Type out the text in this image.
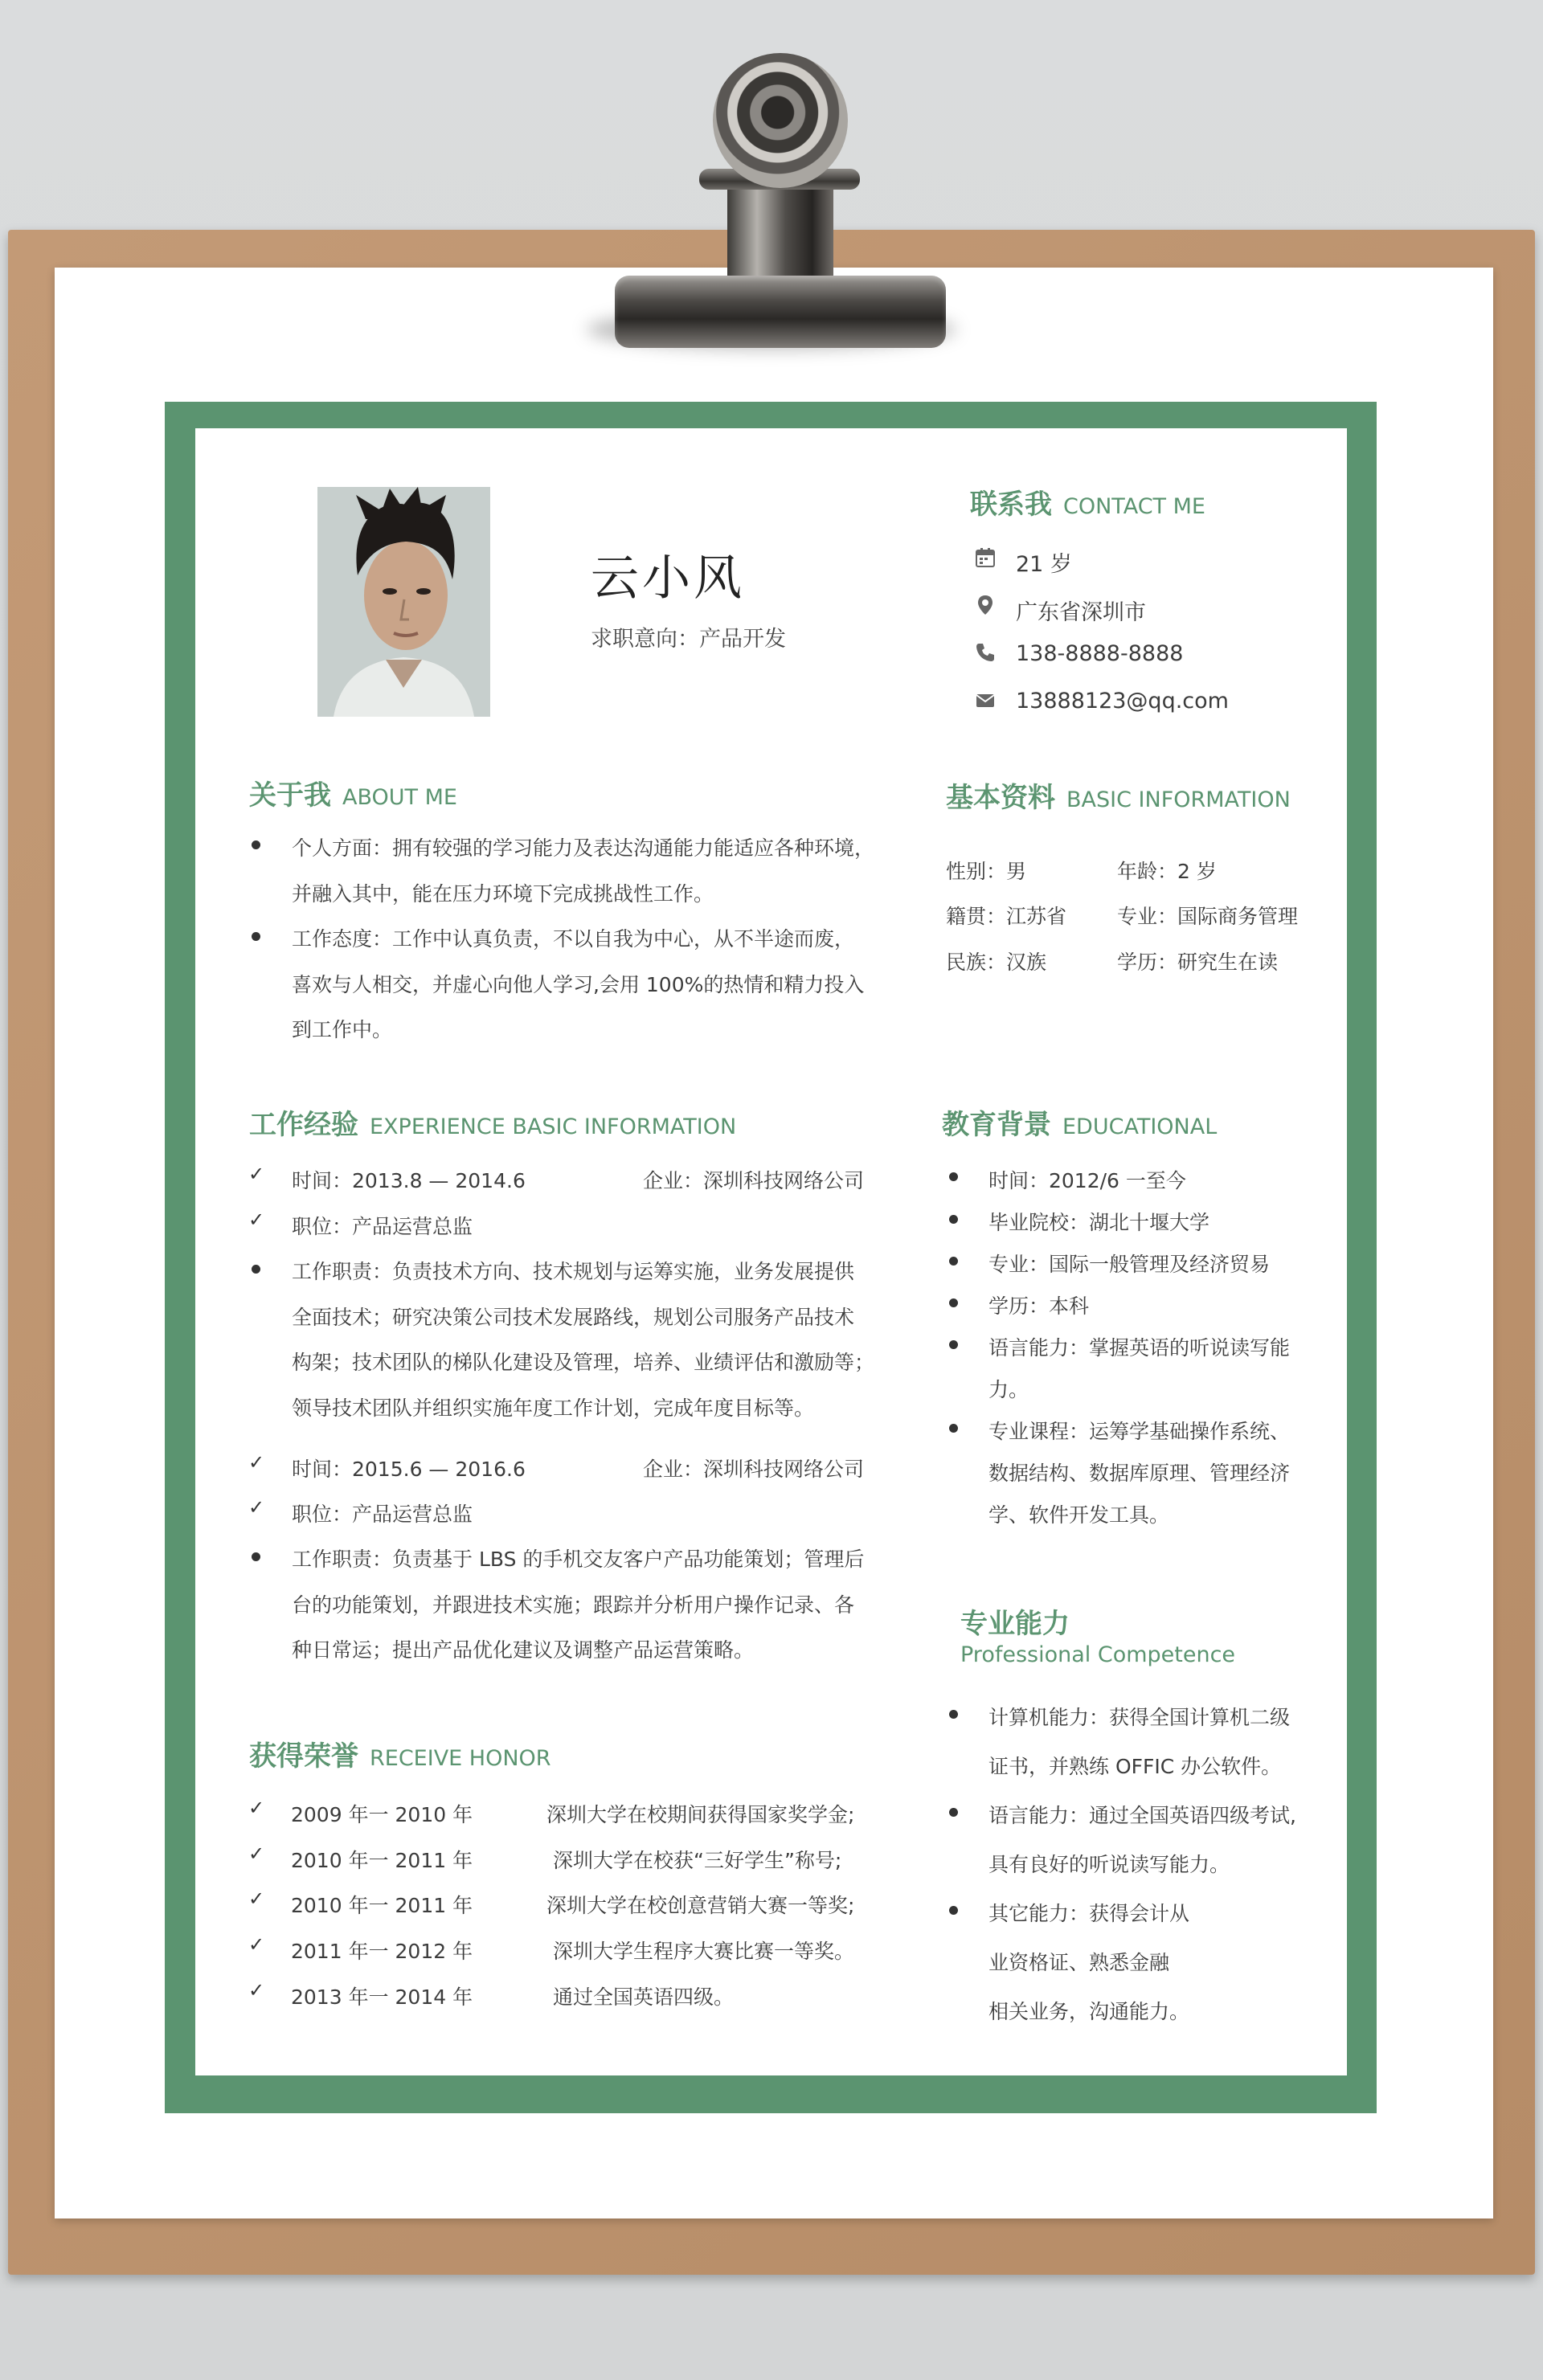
云小风
求职意向：产品开发
联系我 CONTACT ME
21 岁
广东省深圳市
138-8888-8888
13888123@qq.com
关于我 ABOUT ME
个人方面：拥有较强的学习能力及表达沟通能力能适应各种环境，
并融入其中，能在压力环境下完成挑战性工作。
工作态度：工作中认真负责，不以自我为中心，从不半途而废，
喜欢与人相交，并虚心向他人学习,会用 100%的热情和精力投入
到工作中。
基本资料 BASIC INFORMATION
性别：男	年龄：2 岁
籍贯：江苏省	专业：国际商务管理
民族：汉族	学历：研究生在读
工作经验 EXPERIENCE BASIC INFORMATION
✓ 时间：2013.8 — 2014.6	企业：深圳科技网络公司
✓ 职位：产品运营总监
工作职责：负责技术方向、技术规划与运筹实施，业务发展提供
全面技术；研究决策公司技术发展路线，规划公司服务产品技术
构架；技术团队的梯队化建设及管理，培养、业绩评估和激励等；
领导技术团队并组织实施年度工作计划，完成年度目标等。
✓ 时间：2015.6 — 2016.6	企业：深圳科技网络公司
✓ 职位：产品运营总监
工作职责：负责基于 LBS 的手机交友客户产品功能策划；管理后
台的功能策划，并跟进技术实施；跟踪并分析用户操作记录、各
种日常运；提出产品优化建议及调整产品运营策略。
教育背景 EDUCATIONAL
时间：2012/6 一至今
毕业院校：湖北十堰大学
专业：国际一般管理及经济贸易
学历：本科
语言能力：掌握英语的听说读写能
力。
专业课程：运筹学基础操作系统、
数据结构、数据库原理、管理经济
学、软件开发工具。
专业能力
Professional Competence
计算机能力：获得全国计算机二级
证书，并熟练 OFFIC 办公软件。
语言能力：通过全国英语四级考试,
具有良好的听说读写能力。
其它能力：获得会计从
业资格证、熟悉金融
相关业务，沟通能力。
获得荣誉 RECEIVE HONOR
✓ 2009 年一 2010 年	深圳大学在校期间获得国家奖学金;
✓ 2010 年一 2011 年	深圳大学在校获“三好学生”称号;
✓ 2010 年一 2011 年	深圳大学在校创意营销大赛一等奖;
✓ 2011 年一 2012 年	深圳大学生程序大赛比赛一等奖。
✓ 2013 年一 2014 年	通过全国英语四级。
